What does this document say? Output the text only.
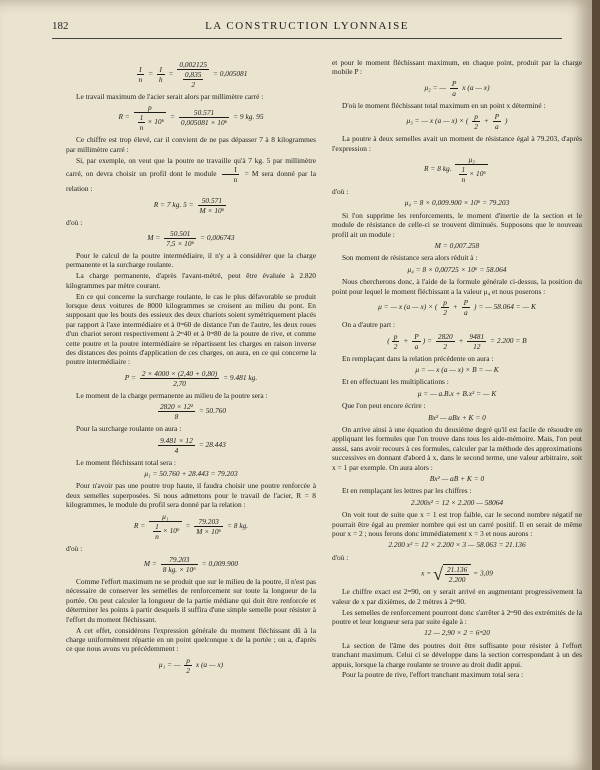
182	LA CONSTRUCTION LYONNAISE
$\frac{I}{n} = \frac{I}{h} = \frac{0,002125}{\frac{0,835}{2}} = 0,005081$

Le travail maximum de l'acier serait alors par millimètre carré :

$R = \frac{p}{\frac{1}{n} \times 10^6} = \frac{50.571}{\text{0,005081 × 10⁶}} = 9$ kg. 95

Ce chiffre est trop élevé, car il convient de ne pas dépasser 7 à 8 kilogrammes par millimètre carré :

Si, par exemple, on veut que la poutre ne travaille qu'à 7 kg. 5 par millimètre carré, on devra choisir un profil dont le module $\frac{I}{n} = M$ sera donné par la relation :

R = 7 kg. $5 = \frac{50.571}{\text{M × 10⁶}}$

d'où :

$M = \frac{50.501}{\text{7,5 × 10⁶}} = 0,006743$

Pour le calcul de la poutre intermédiaire, il n'y a à considérer que la charge permanente et la surcharge roulante.

La charge permanente, d'après l'avant-métré, peut être évaluée à 2.820 kilogrammes par mètre courant.

En ce qui concerne la surcharge roulante, le cas le plus défavorable se produit lorsque deux voitures de 8000 kilogrammes se croisent au milieu du pont. En supposant que les bouts des essieux des deux chariots soient symétriquement placés par rapport à l'axe intermédiaire et à 0ᵐ60 de distance l'un de l'autre, les deux roues d'un chariot seront respectivement à 2ᵐ40 et à 0ᵐ80 de la poutre de rive, et comme cette poutre et la poutre intermédiaire se répartissent les charges en raison inverse des distances des points d'application de ces charges, on aura, en ce qui concerne la poutre intermédiaire :

$P = \frac{2 \times 4000 \times (2,40 + 0,80)}{2,70} = 9.481$ kg.

Le moment de la charge permanente au milieu de la poutre sera :

$\frac{\text{2820 × 12²}}{8} = 50.760$

Pour la surcharge roulante on aura :

$\frac{9.481 \times 12}{4} = 28.443$

Le moment fléchissant total sera :

μ₁ = 50.760 + 28.443 = 79.203

Pour n'avoir pas une poutre trop haute, il faudra choisir une poutre renforcée à deux semelles superposées. Si nous admettons pour le travail de l'acier, R = 8 kilogrammes, le module du profil sera donné par la relation :

$R = \frac{\text{μ₁}}{\frac{1}{n} \times 10^6} = \frac{79.203}{\text{M × 10⁶}} = 8$ kg.

d'où :

$M = \frac{79.203}{\text{8 kg. × 10⁶}} = 0,009.900$

Comme l'effort maximum ne se produit que sur le milieu de la poutre, il n'est pas nécessaire de conserver les semelles de renforcement sur toute la longueur de la portée. On peut calculer la longueur de la partie médiane qui doit être renforcée et déterminer les points à partir desquels il suffira d'une simple semelle pour résister à l'effort du moment fléchissant.

A cet effet, considérons l'expression générale du moment fléchissant dû à la charge uniformément répartie en un point quelconque x de la portée ; on a, d'après ce que nous avons vu précédemment :

μ₁ = — $\frac{p}{2}$ x (a — x)

et pour le moment fléchissant maximum, en chaque point, produit par la charge mobile P :

μ₂ = — $\frac{P}{a}$ x (a — x)

D'où le moment fléchissant total maximum en un point x déterminé :

μ₃ = — x (a — x) × ( $\frac{p}{2} + \frac{P}{a}$ )

La poutre à deux semelles avait un moment de résistance égal à 79.203, d'après l'expression :

R = 8 kg. $\frac{\text{μ₃}}{\frac{1}{n} \times 10^6}$

d'où :

μ₄ = 8 × 0,009.900 × 10⁶ = 79.203

Si l'on supprime les renforcements, le moment d'inertie de la section et le module de résistance de celle-ci se trouvent diminués. Supposons que le nouveau profil ait un module :

M = 0,007.258

Son moment de résistance sera alors réduit à :

μ₄ = 8 × 0,00725 × 10⁶ = 58.064

Nous chercherons donc, à l'aide de la formule générale ci-dessus, la position du point pour lequel le moment fléchissant a la valeur μ₄ et nous poserons :

μ = — x (a — x) × ( $\frac{p}{2} + \frac{P}{a}$ ) = — 58.064 = — K

On a d'autre part :

( $\frac{p}{2} + \frac{P}{a}$ ) = $\frac{2820}{2} + \frac{9481}{12} = 2.200 = B$

En remplaçant dans la relation précédente on aura :

μ = — x (a — x) × B = — K

Et en effectuant les multiplications :

μ = — a.B.x + B.x² = — K

Que l'on peut encore écrire :

Bx² — aBx + K = 0

On arrive ainsi à une équation du deuxième degré qu'il est facile de résoudre en appliquant les formules que l'on trouve dans tous les aide-mémoire. Mais, l'on peut aussi, sans avoir recours à ces formules, calculer par la méthode des approximations successives en donnant d'abord à x, dans le second terme, une valeur arbitraire, soit x = 1 par exemple. On aura alors :

Bx² — aB + K = 0

Et en remplaçant les lettres par les chiffres :

2.200x² = 12 × 2.200 — 58064

On voit tout de suite que x = 1 est trop faible, car le second nombre négatif ne pourrait être égal au premier nombre qui est un carré positif. Il en serait de même pour x = 2 ; nous ferons donc immédiatement x = 3 et nous aurons :

2.200 x² = 12 × 2.200 × 3 — 58.063 = 21.136

d'où :

x = √ $\frac{21.136}{2.200} = 3,09$

Le chiffre exact est 2ᵐ90, on y serait arrivé en augmentant progressivement la valeur de x par dixièmes, de 2 mètres à 2ᵐ90.

Les semelles de renforcement pourront donc s'arrêter à 2ᵐ90 des extrémités de la poutre et leur longueur sera par suite égale à :

12 — 2,90 × 2 = 6ᵐ20

La section de l'âme des poutres doit être suffisante pour résister à l'effort tranchant maximum. Celui ci se développe dans la section correspondant à un des appuis, lorsque la charge roulante se trouve au droit dudit appui.

Pour la poutre de rive, l'effort tranchant maximum total sera :
